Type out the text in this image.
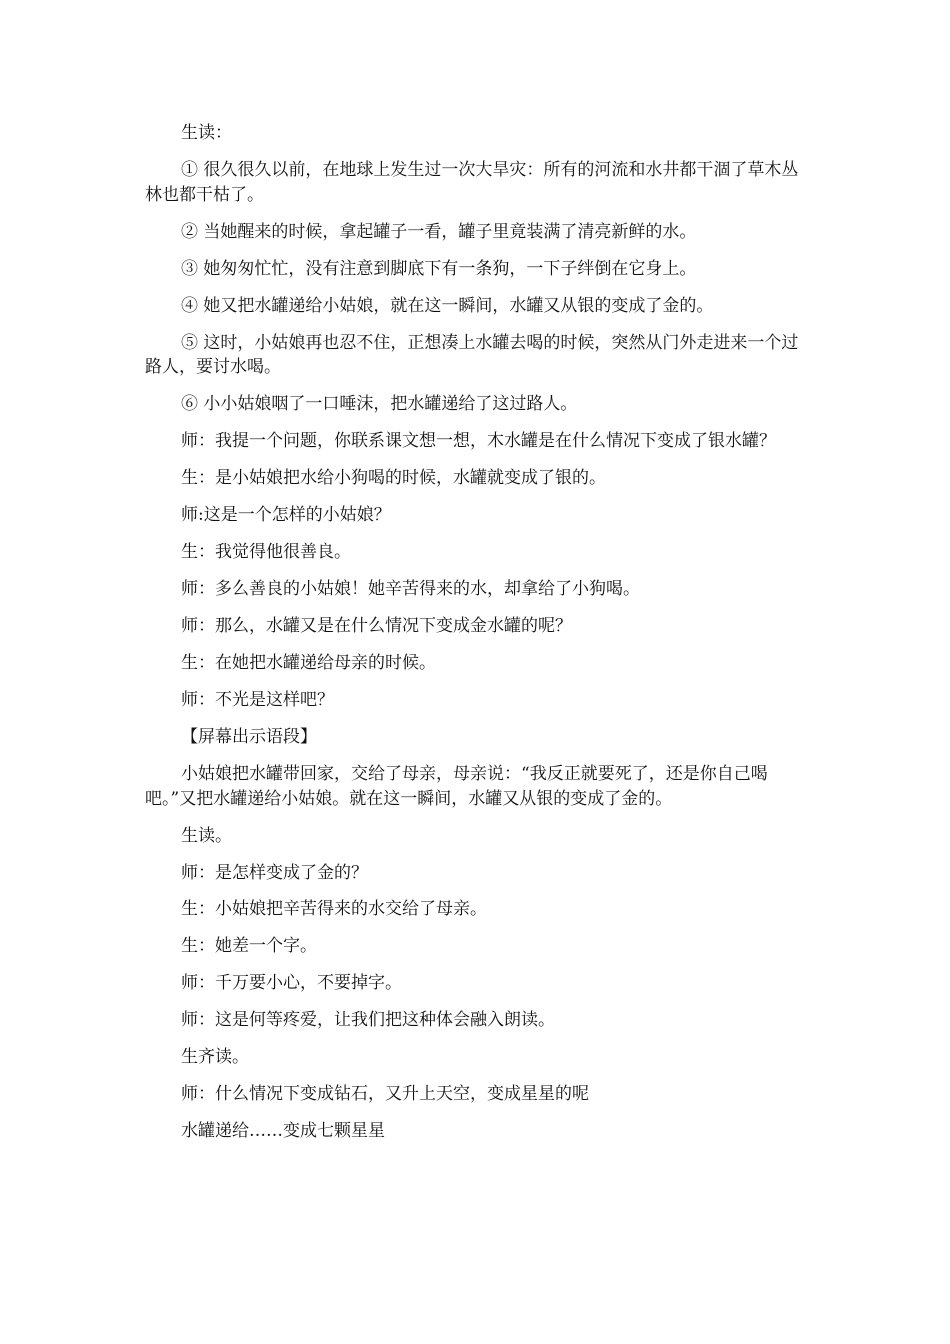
生读：

① 很久很久以前，在地球上发生过一次大旱灾：所有的河流和水井都干涸了草木丛林也都干枯了。

② 当她醒来的时候，拿起罐子一看，罐子里竟装满了清亮新鲜的水。

③ 她匆匆忙忙，没有注意到脚底下有一条狗，一下子绊倒在它身上。

④ 她又把水罐递给小姑娘，就在这一瞬间，水罐又从银的变成了金的。

⑤ 这时，小姑娘再也忍不住，正想凑上水罐去喝的时候，突然从门外走进来一个过路人，要讨水喝。

⑥ 小小姑娘咽了一口唾沫，把水罐递给了这过路人。

师：我提一个问题，你联系课文想一想，木水罐是在什么情况下变成了银水罐？

生：是小姑娘把水给小狗喝的时候，水罐就变成了银的。

师:这是一个怎样的小姑娘？

生：我觉得他很善良。

师：多么善良的小姑娘！她辛苦得来的水，却拿给了小狗喝。

师：那么，水罐又是在什么情况下变成金水罐的呢？

生：在她把水罐递给母亲的时候。

师：不光是这样吧？

【屏幕出示语段】

小姑娘把水罐带回家，交给了母亲，母亲说：“我反正就要死了，还是你自己喝吧。”又把水罐递给小姑娘。就在这一瞬间，水罐又从银的变成了金的。

生读。

师：是怎样变成了金的？

生：小姑娘把辛苦得来的水交给了母亲。

生：她差一个字。

师：千万要小心，不要掉字。

师：这是何等疼爱，让我们把这种体会融入朗读。

生齐读。

师：什么情况下变成钻石，又升上天空，变成星星的呢

水罐递给……变成七颗星星
